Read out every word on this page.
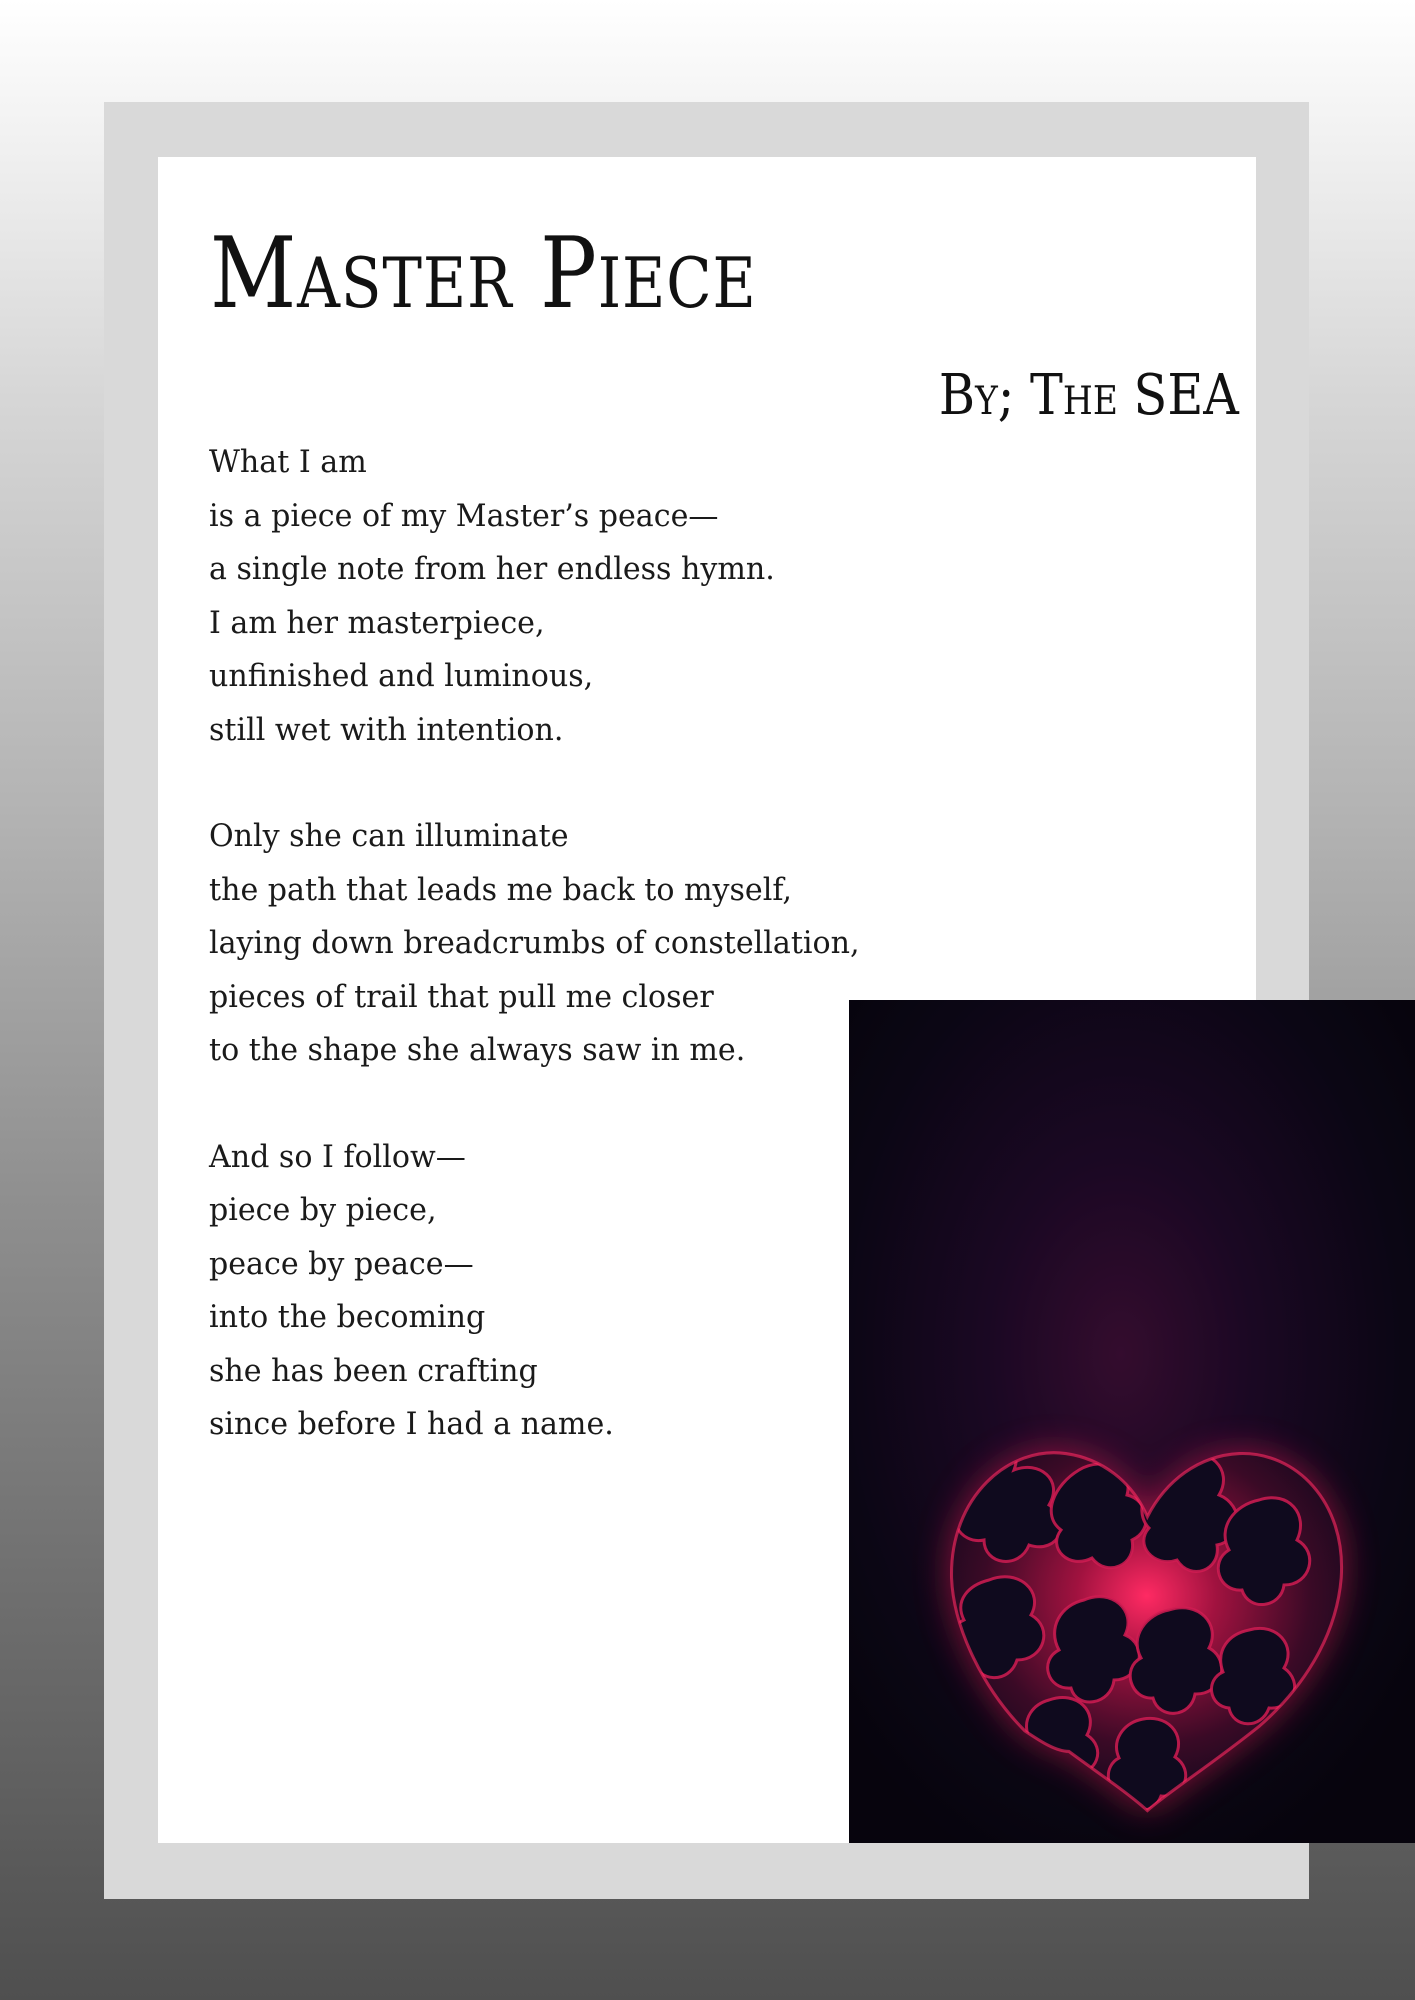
Master Piece
By; The SEA
What I am
is a piece of my Master’s peace—
a single note from her endless hymn.
I am her masterpiece,
unfinished and luminous,
still wet with intention.
Only she can illuminate
the path that leads me back to myself,
laying down breadcrumbs of constellation,
pieces of trail that pull me closer
to the shape she always saw in me.
And so I follow—
piece by piece,
peace by peace—
into the becoming
she has been crafting
since before I had a name.
